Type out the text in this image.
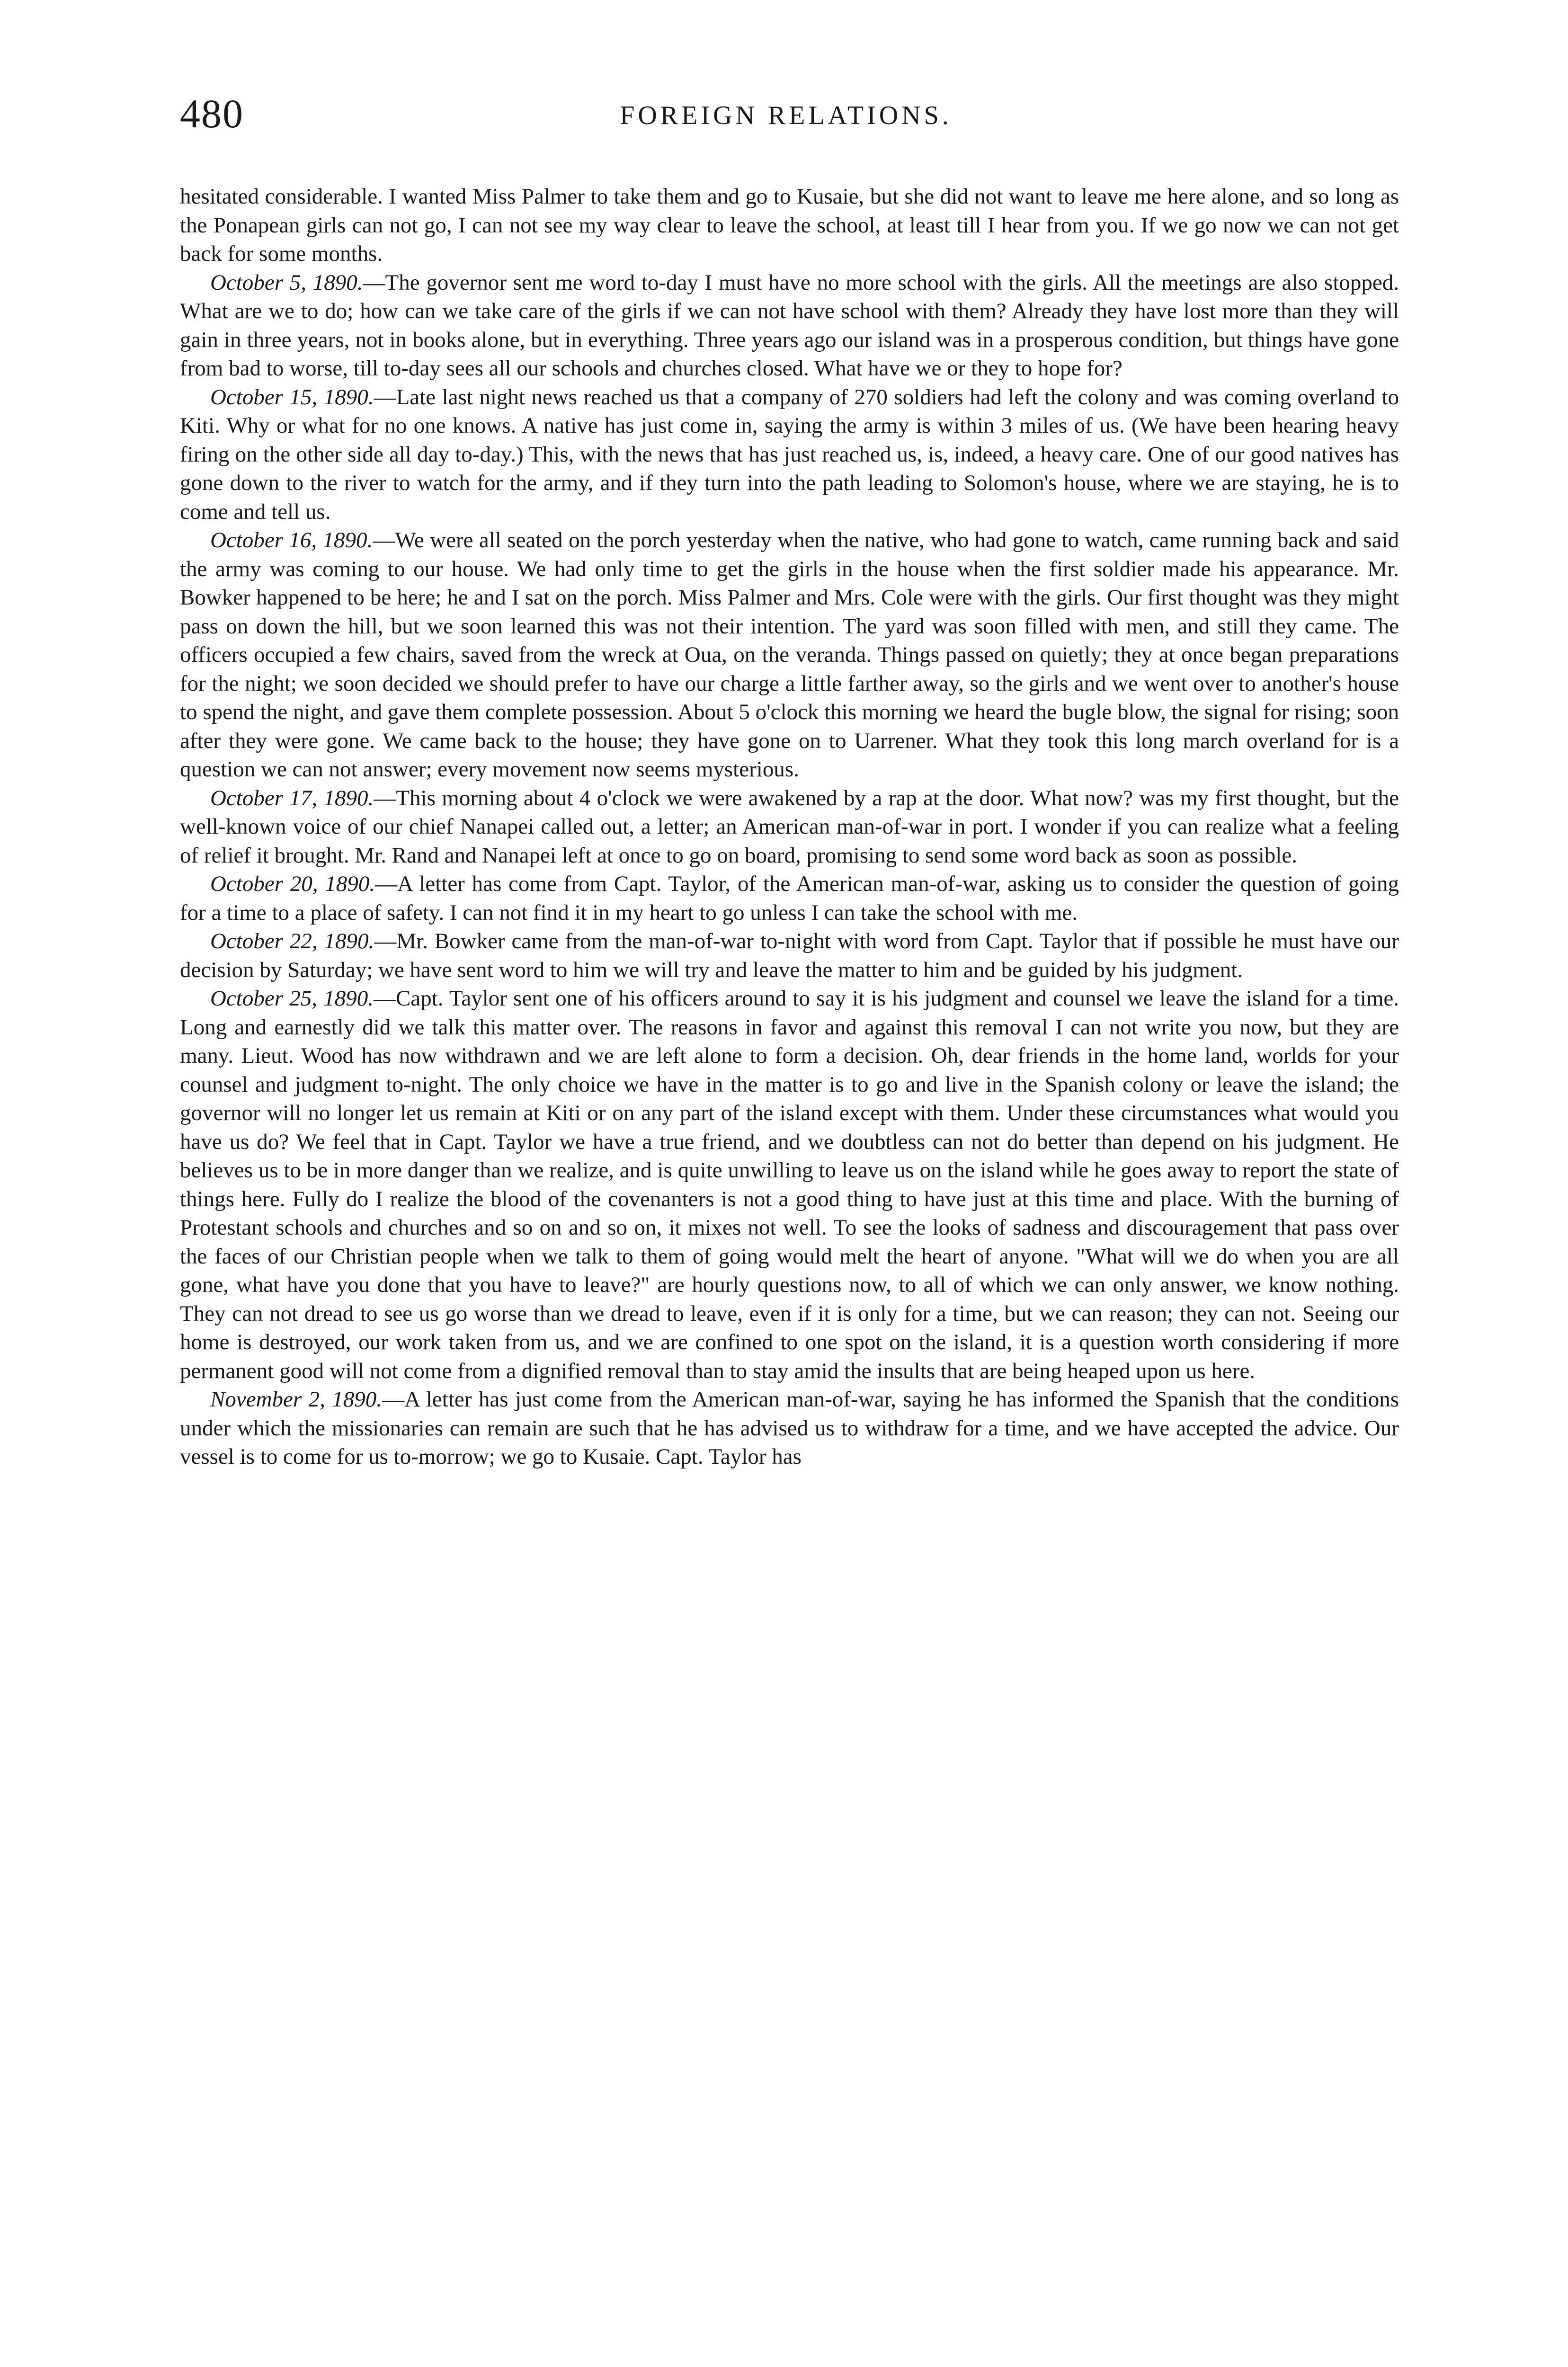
480	FOREIGN RELATIONS.

hesitated considerable. I wanted Miss Palmer to take them and go to Kusaie, but she did not want to leave me here alone, and so long as the Ponapean girls can not go, I can not see my way clear to leave the school, at least till I hear from you. If we go now we can not get back for some months.

October 5, 1890.—The governor sent me word to-day I must have no more school with the girls. All the meetings are also stopped. What are we to do; how can we take care of the girls if we can not have school with them? Already they have lost more than they will gain in three years, not in books alone, but in everything. Three years ago our island was in a prosperous condition, but things have gone from bad to worse, till to-day sees all our schools and churches closed. What have we or they to hope for?

October 15, 1890.—Late last night news reached us that a company of 270 soldiers had left the colony and was coming overland to Kiti. Why or what for no one knows. A native has just come in, saying the army is within 3 miles of us. (We have been hearing heavy firing on the other side all day to-day.) This, with the news that has just reached us, is, indeed, a heavy care. One of our good natives has gone down to the river to watch for the army, and if they turn into the path leading to Solomon's house, where we are staying, he is to come and tell us.

October 16, 1890.—We were all seated on the porch yesterday when the native, who had gone to watch, came running back and said the army was coming to our house. We had only time to get the girls in the house when the first soldier made his appearance. Mr. Bowker happened to be here; he and I sat on the porch. Miss Palmer and Mrs. Cole were with the girls. Our first thought was they might pass on down the hill, but we soon learned this was not their intention. The yard was soon filled with men, and still they came. The officers occupied a few chairs, saved from the wreck at Oua, on the veranda. Things passed on quietly; they at once began preparations for the night; we soon decided we should prefer to have our charge a little farther away, so the girls and we went over to another's house to spend the night, and gave them complete possession. About 5 o'clock this morning we heard the bugle blow, the signal for rising; soon after they were gone. We came back to the house; they have gone on to Uarrener. What they took this long march overland for is a question we can not answer; every movement now seems mysterious.

October 17, 1890.—This morning about 4 o'clock we were awakened by a rap at the door. What now? was my first thought, but the well-known voice of our chief Nanapei called out, a letter; an American man-of-war in port. I wonder if you can realize what a feeling of relief it brought. Mr. Rand and Nanapei left at once to go on board, promising to send some word back as soon as possible.

October 20, 1890.—A letter has come from Capt. Taylor, of the American man-of-war, asking us to consider the question of going for a time to a place of safety. I can not find it in my heart to go unless I can take the school with me.

October 22, 1890.—Mr. Bowker came from the man-of-war to-night with word from Capt. Taylor that if possible he must have our decision by Saturday; we have sent word to him we will try and leave the matter to him and be guided by his judgment.

October 25, 1890.—Capt. Taylor sent one of his officers around to say it is his judgment and counsel we leave the island for a time. Long and earnestly did we talk this matter over. The reasons in favor and against this removal I can not write you now, but they are many. Lieut. Wood has now withdrawn and we are left alone to form a decision. Oh, dear friends in the home land, worlds for your counsel and judgment to-night. The only choice we have in the matter is to go and live in the Spanish colony or leave the island; the governor will no longer let us remain at Kiti or on any part of the island except with them. Under these circumstances what would you have us do? We feel that in Capt. Taylor we have a true friend, and we doubtless can not do better than depend on his judgment. He believes us to be in more danger than we realize, and is quite unwilling to leave us on the island while he goes away to report the state of things here. Fully do I realize the blood of the covenanters is not a good thing to have just at this time and place. With the burning of Protestant schools and churches and so on and so on, it mixes not well. To see the looks of sadness and discouragement that pass over the faces of our Christian people when we talk to them of going would melt the heart of anyone. "What will we do when you are all gone, what have you done that you have to leave?" are hourly questions now, to all of which we can only answer, we know nothing. They can not dread to see us go worse than we dread to leave, even if it is only for a time, but we can reason; they can not. Seeing our home is destroyed, our work taken from us, and we are confined to one spot on the island, it is a question worth considering if more permanent good will not come from a dignified removal than to stay amid the insults that are being heaped upon us here.

November 2, 1890.—A letter has just come from the American man-of-war, saying he has informed the Spanish that the conditions under which the missionaries can remain are such that he has advised us to withdraw for a time, and we have accepted the advice. Our vessel is to come for us to-morrow; we go to Kusaie. Capt. Taylor has
